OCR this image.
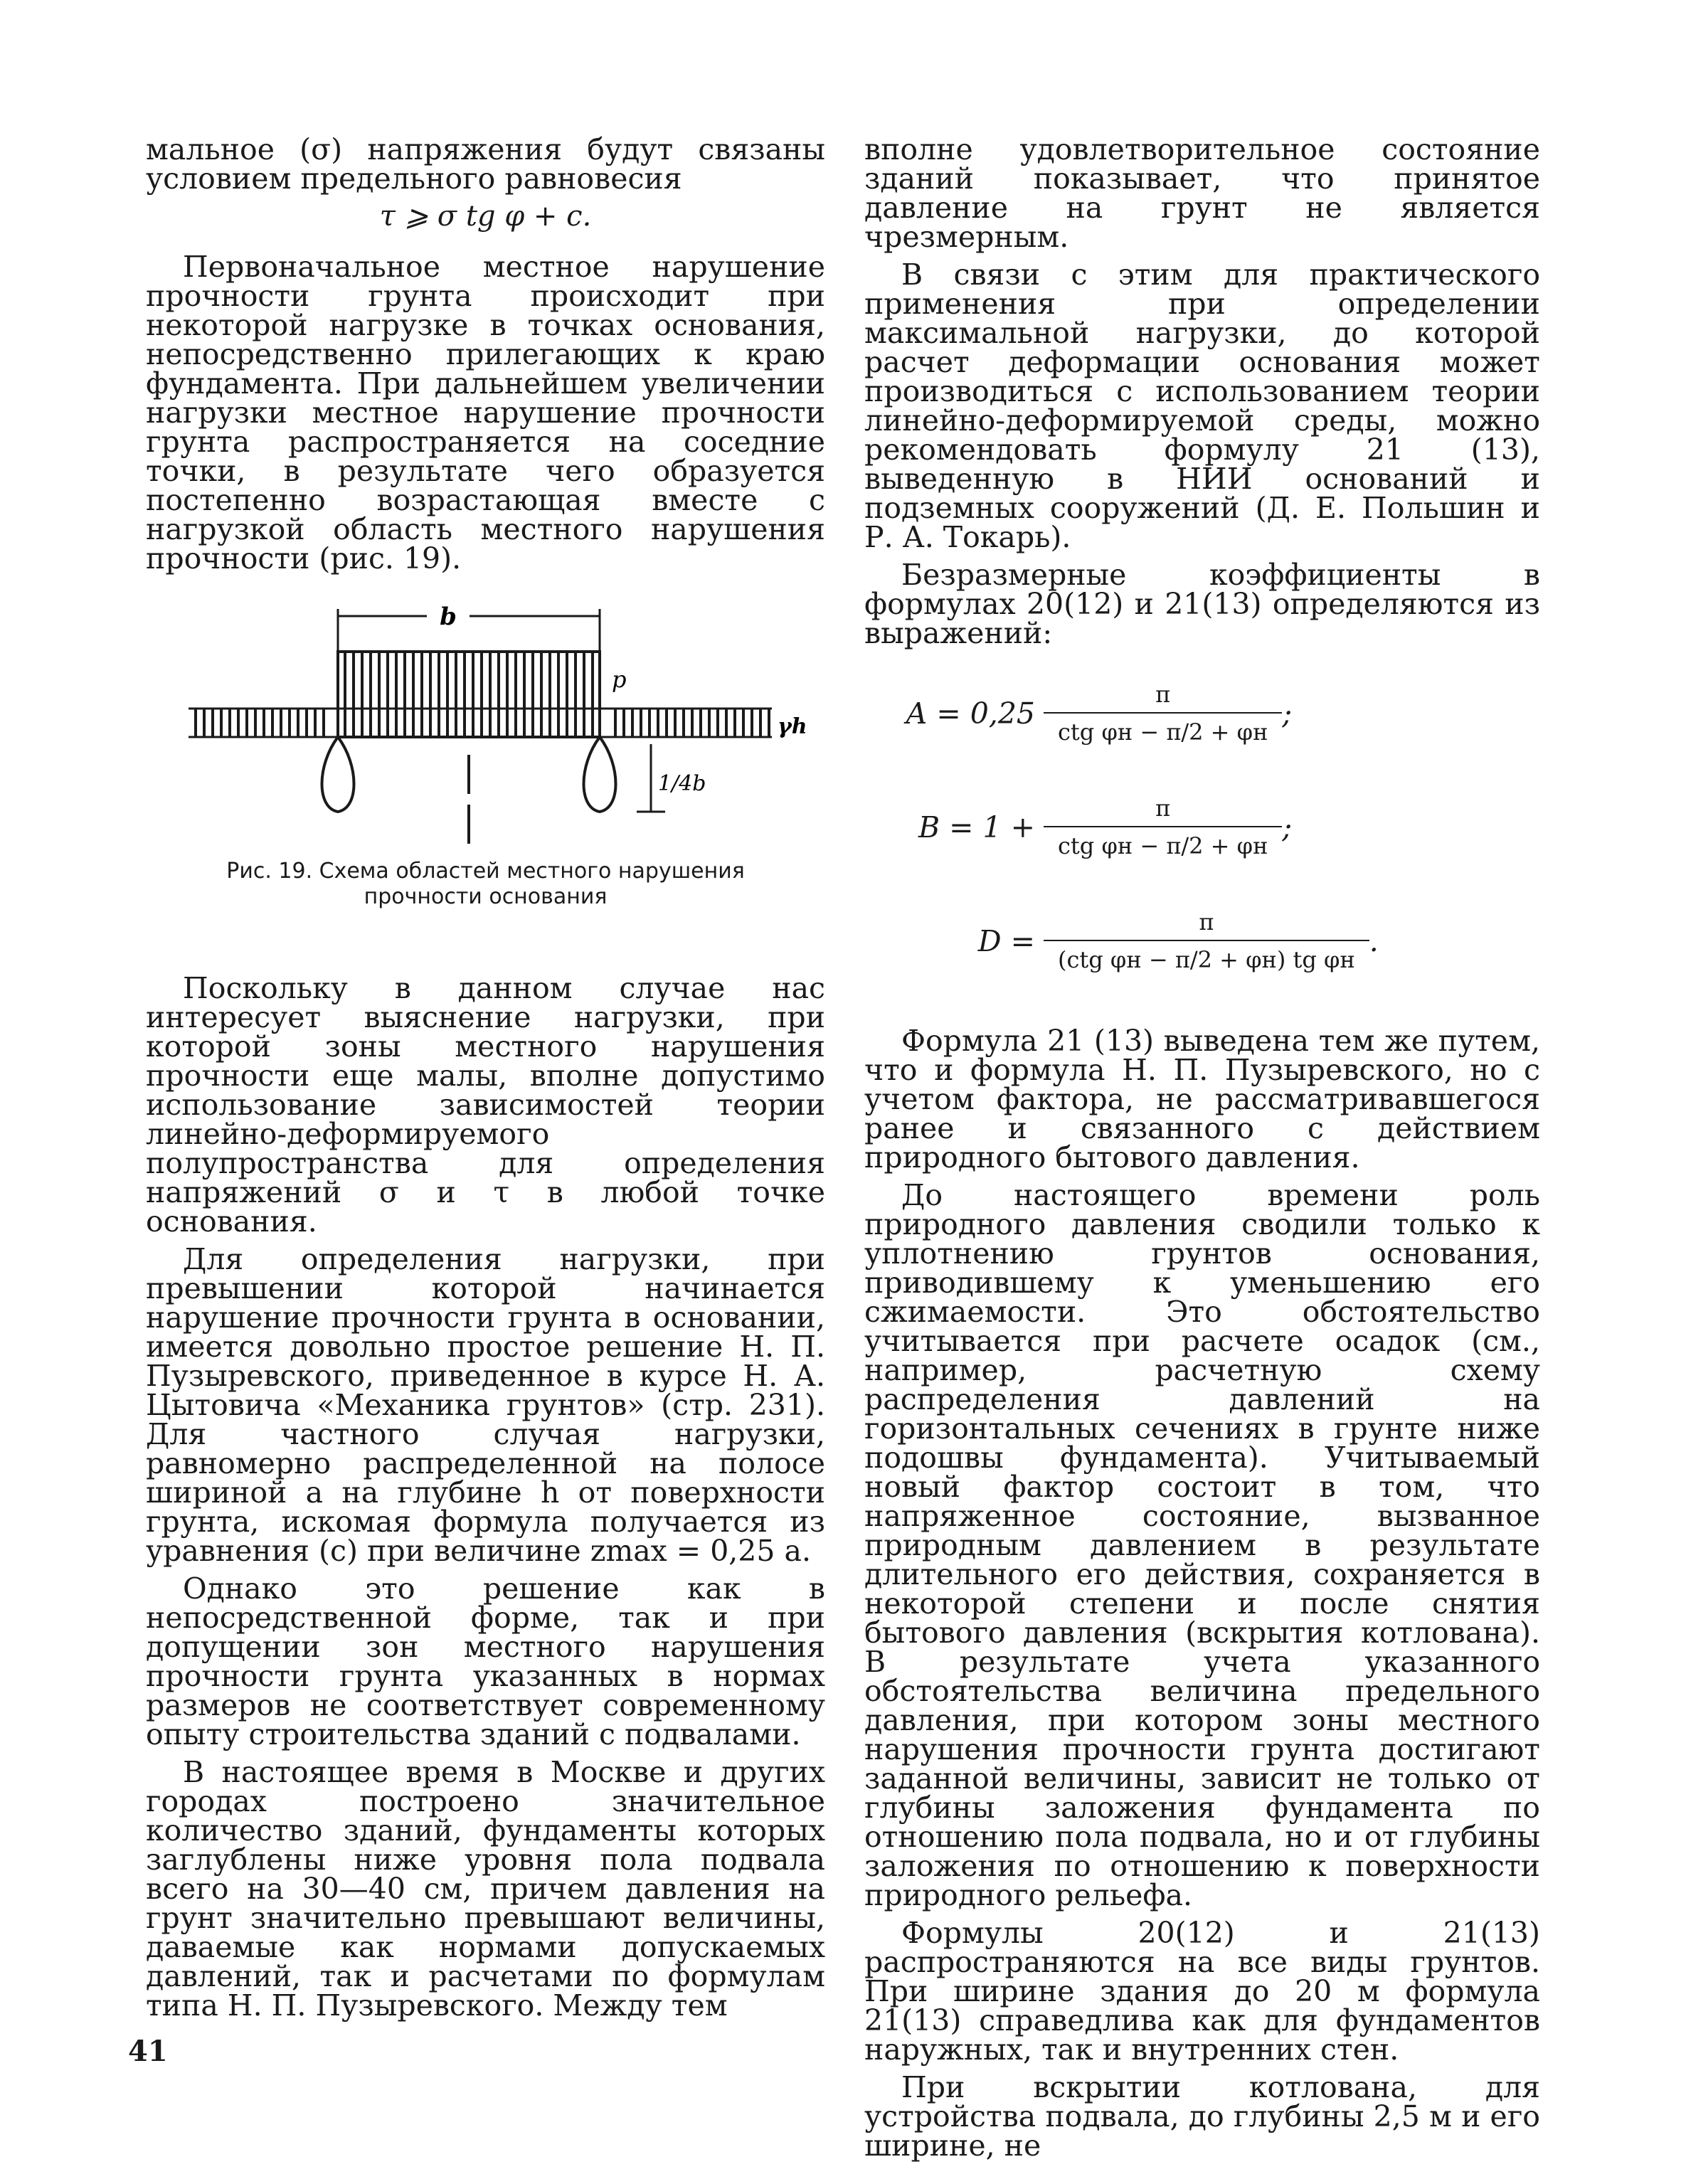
мальное (σ) напряжения будут связаны условием предельного равновесия

τ ⩾ σ tg φ + c.

Первоначальное местное нарушение прочности грунта происходит при некоторой нагрузке в точках основания, непосредственно прилегающих к краю фундамента. При дальнейшем увеличении нагрузки местное нарушение прочности грунта распространяется на соседние точки, в результате чего образуется постепенно возрастающая вместе с нагрузкой область местного нарушения прочности (рис. 19).

b
p
γh
1/4b
Рис. 19. Схема областей местного нарушения прочности основания

Поскольку в данном случае нас интересует выяснение нагрузки, при которой зоны местного нарушения прочности еще малы, вполне допустимо использование зависимостей теории линейно-деформируемого полупространства для определения напряжений σ и τ в любой точке основания.

Для определения нагрузки, при превышении которой начинается нарушение прочности грунта в основании, имеется довольно простое решение Н. П. Пузыревского, приведенное в курсе Н. А. Цытовича «Механика грунтов» (стр. 231). Для частного случая нагрузки, равномерно распределенной на полосе шириной a на глубине h от поверхности грунта, искомая формула получается из уравнения (c) при величине zmax = 0,25 a.

Однако это решение как в непосредственной форме, так и при допущении зон местного нарушения прочности грунта указанных в нормах размеров не соответствует современному опыту строительства зданий с подвалами.

В настоящее время в Москве и других городах построено значительное количество зданий, фундаменты которых заглублены ниже уровня пола подвала всего на 30—40 см, причем давления на грунт значительно превышают величины, даваемые как нормами допускаемых давлений, так и расчетами по формулам типа Н. П. Пузыревского. Между тем

вполне удовлетворительное состояние зданий показывает, что принятое давление на грунт не является чрезмерным.

В связи с этим для практического применения при определении максимальной нагрузки, до которой расчет деформации основания может производиться с использованием теории линейно-деформируемой среды, можно рекомендовать формулу 21 (13), выведенную в НИИ оснований и подземных сооружений (Д. Е. Польшин и Р. А. Токарь).

Безразмерные коэффициенты в формулах 20(12) и 21(13) определяются из выражений:

$A = 0,25 \frac{\pi}{\text{ctg φн − π/2 + φн}}$ ;
$B = 1 + \frac{\pi}{\text{ctg φн − π/2 + φн}}$ ;
$D = \frac{\pi}{\text{(ctg φн − π/2 + φн) tg φн}}$ .

Формула 21 (13) выведена тем же путем, что и формула Н. П. Пузыревского, но с учетом фактора, не рассматривавшегося ранее и связанного с действием природного бытового давления.

До настоящего времени роль природного давления сводили только к уплотнению грунтов основания, приводившему к уменьшению его сжимаемости. Это обстоятельство учитывается при расчете осадок (см., например, расчетную схему распределения давлений на горизонтальных сечениях в грунте ниже подошвы фундамента). Учитываемый новый фактор состоит в том, что напряженное состояние, вызванное природным давлением в результате длительного его действия, сохраняется в некоторой степени и после снятия бытового давления (вскрытия котлована). В результате учета указанного обстоятельства величина предельного давления, при котором зоны местного нарушения прочности грунта достигают заданной величины, зависит не только от глубины заложения фундамента по отношению пола подвала, но и от глубины заложения по отношению к поверхности природного рельефа.

Формулы 20(12) и 21(13) распространяются на все виды грунтов. При ширине здания до 20 м формула 21(13) справедлива как для фундаментов наружных, так и внутренних стен.

При вскрытии котлована, для устройства подвала, до глубины 2,5 м и его ширине, не

41
